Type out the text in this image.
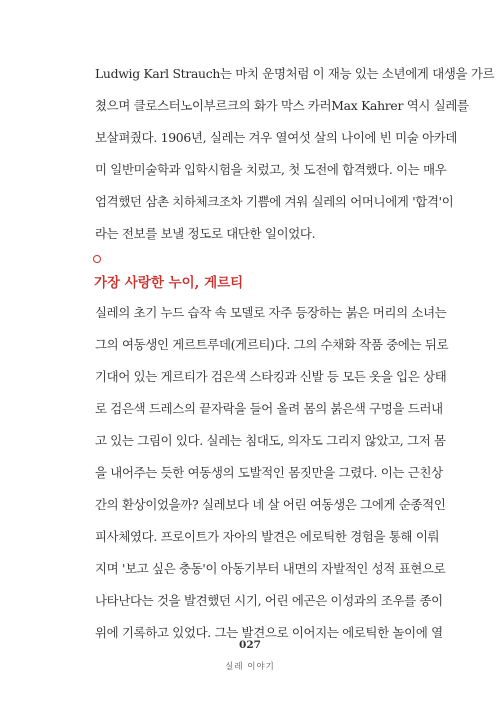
Ludwig Karl Strauch는 마치 운명처럼 이 재능 있는 소년에게 대생을 가르
쳤으며 클로스터노이부르크의 화가 막스 카러Max Kahrer 역시 실레를
보살펴줬다. 1906년, 실레는 겨우 열여섯 살의 나이에 빈 미술 아카데
미 일반미술학과 입학시험을 치렀고, 첫 도전에 합격했다. 이는 매우
엄격했던 삼촌 치하체크조차 기쁨에 겨워 실레의 어머니에게 '합격'이
라는 전보를 보낼 정도로 대단한 일이었다.
가장 사랑한 누이, 게르티
실레의 초기 누드 습작 속 모델로 자주 등장하는 붉은 머리의 소녀는
그의 여동생인 게르트루데(게르티)다. 그의 수채화 작품 중에는 뒤로
기대어 있는 게르티가 검은색 스타킹과 신발 등 모든 옷을 입은 상태
로 검은색 드레스의 끝자락을 들어 올려 몸의 붉은색 구멍을 드러내
고 있는 그림이 있다. 실레는 침대도, 의자도 그리지 않았고, 그저 몸
을 내어주는 듯한 여동생의 도발적인 몸짓만을 그렸다. 이는 근친상
간의 환상이었을까? 실레보다 네 살 어린 여동생은 그에게 순종적인
피사체였다. 프로이트가 자아의 발견은 에로틱한 경험을 통해 이뤄
지며 '보고 싶은 충동'이 아동기부터 내면의 자발적인 성적 표현으로
나타난다는 것을 발견했던 시기, 어린 에곤은 이성과의 조우를 종이
위에 기록하고 있었다. 그는 발견으로 이어지는 에로틱한 놀이에 열
027
실레 이야기
